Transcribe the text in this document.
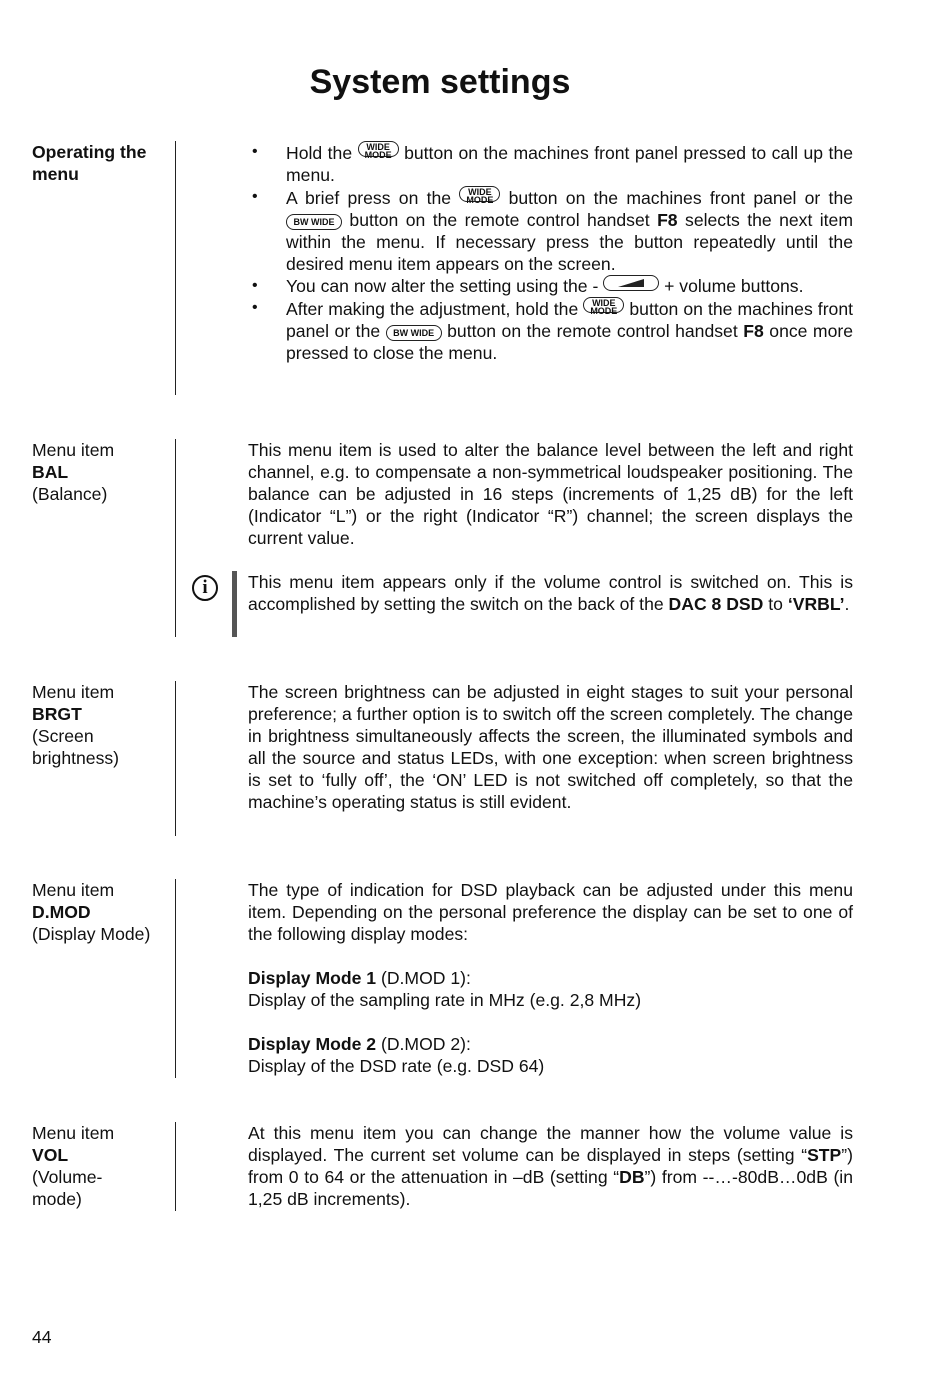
System settings
Operating the menu
• Hold the WIDE
MODE button on the machines front panel pressed to call up the menu.
• A brief press on the WIDE
MODE button on the machines front panel or the BW WIDE button on the remote control handset F8 selects the next item within the menu. If necessary press the button repeatedly until the desired menu item appears on the screen.
• You can now alter the setting using the -	+ volume buttons.
• After making the adjustment, hold the WIDE
MODE button on the machines front panel or the BW WIDE button on the remote control handset F8 once more pressed to close the menu.
Menu item
BAL
(Balance)

This menu item is used to alter the balance level between the left and right channel, e.g. to compensate a non-symmetrical loudspeaker positioning. The balance can be adjusted in 16 steps (increments of 1,25 dB) for the left (Indicator “L”) or the right (Indicator “R”) channel; the screen displays the current value.

i	This menu item appears only if the volume control is switched on. This is accomplished by setting the switch on the back of the DAC 8 DSD to ‘VRBL’.

Menu item
BRGT
(Screen brightness)

The screen brightness can be adjusted in eight stages to suit your personal preference; a further option is to switch off the screen completely. The change in brightness simultaneously affects the screen, the illuminated symbols and all the source and status LEDs, with one exception: when screen brightness is set to ‘fully off’, the ‘ON’ LED is not switched off completely, so that the machine’s operating status is still evident.

Menu item
D.MOD
(Display Mode)

The type of indication for DSD playback can be adjusted under this menu item. Depending on the personal preference the display can be set to one of the following display modes:

Display Mode 1 (D.MOD 1):

Display of the sampling rate in MHz (e.g. 2,8 MHz)

Display Mode 2 (D.MOD 2):

Display of the DSD rate (e.g. DSD 64)

Menu item
VOL
(Volume-mode)

At this menu item you can change the manner how the volume value is displayed. The current set volume can be displayed in steps (setting “STP”) from 0 to 64 or the attenuation in –dB (setting “DB”) from --…-80dB…0dB (in 1,25 dB increments).

44
